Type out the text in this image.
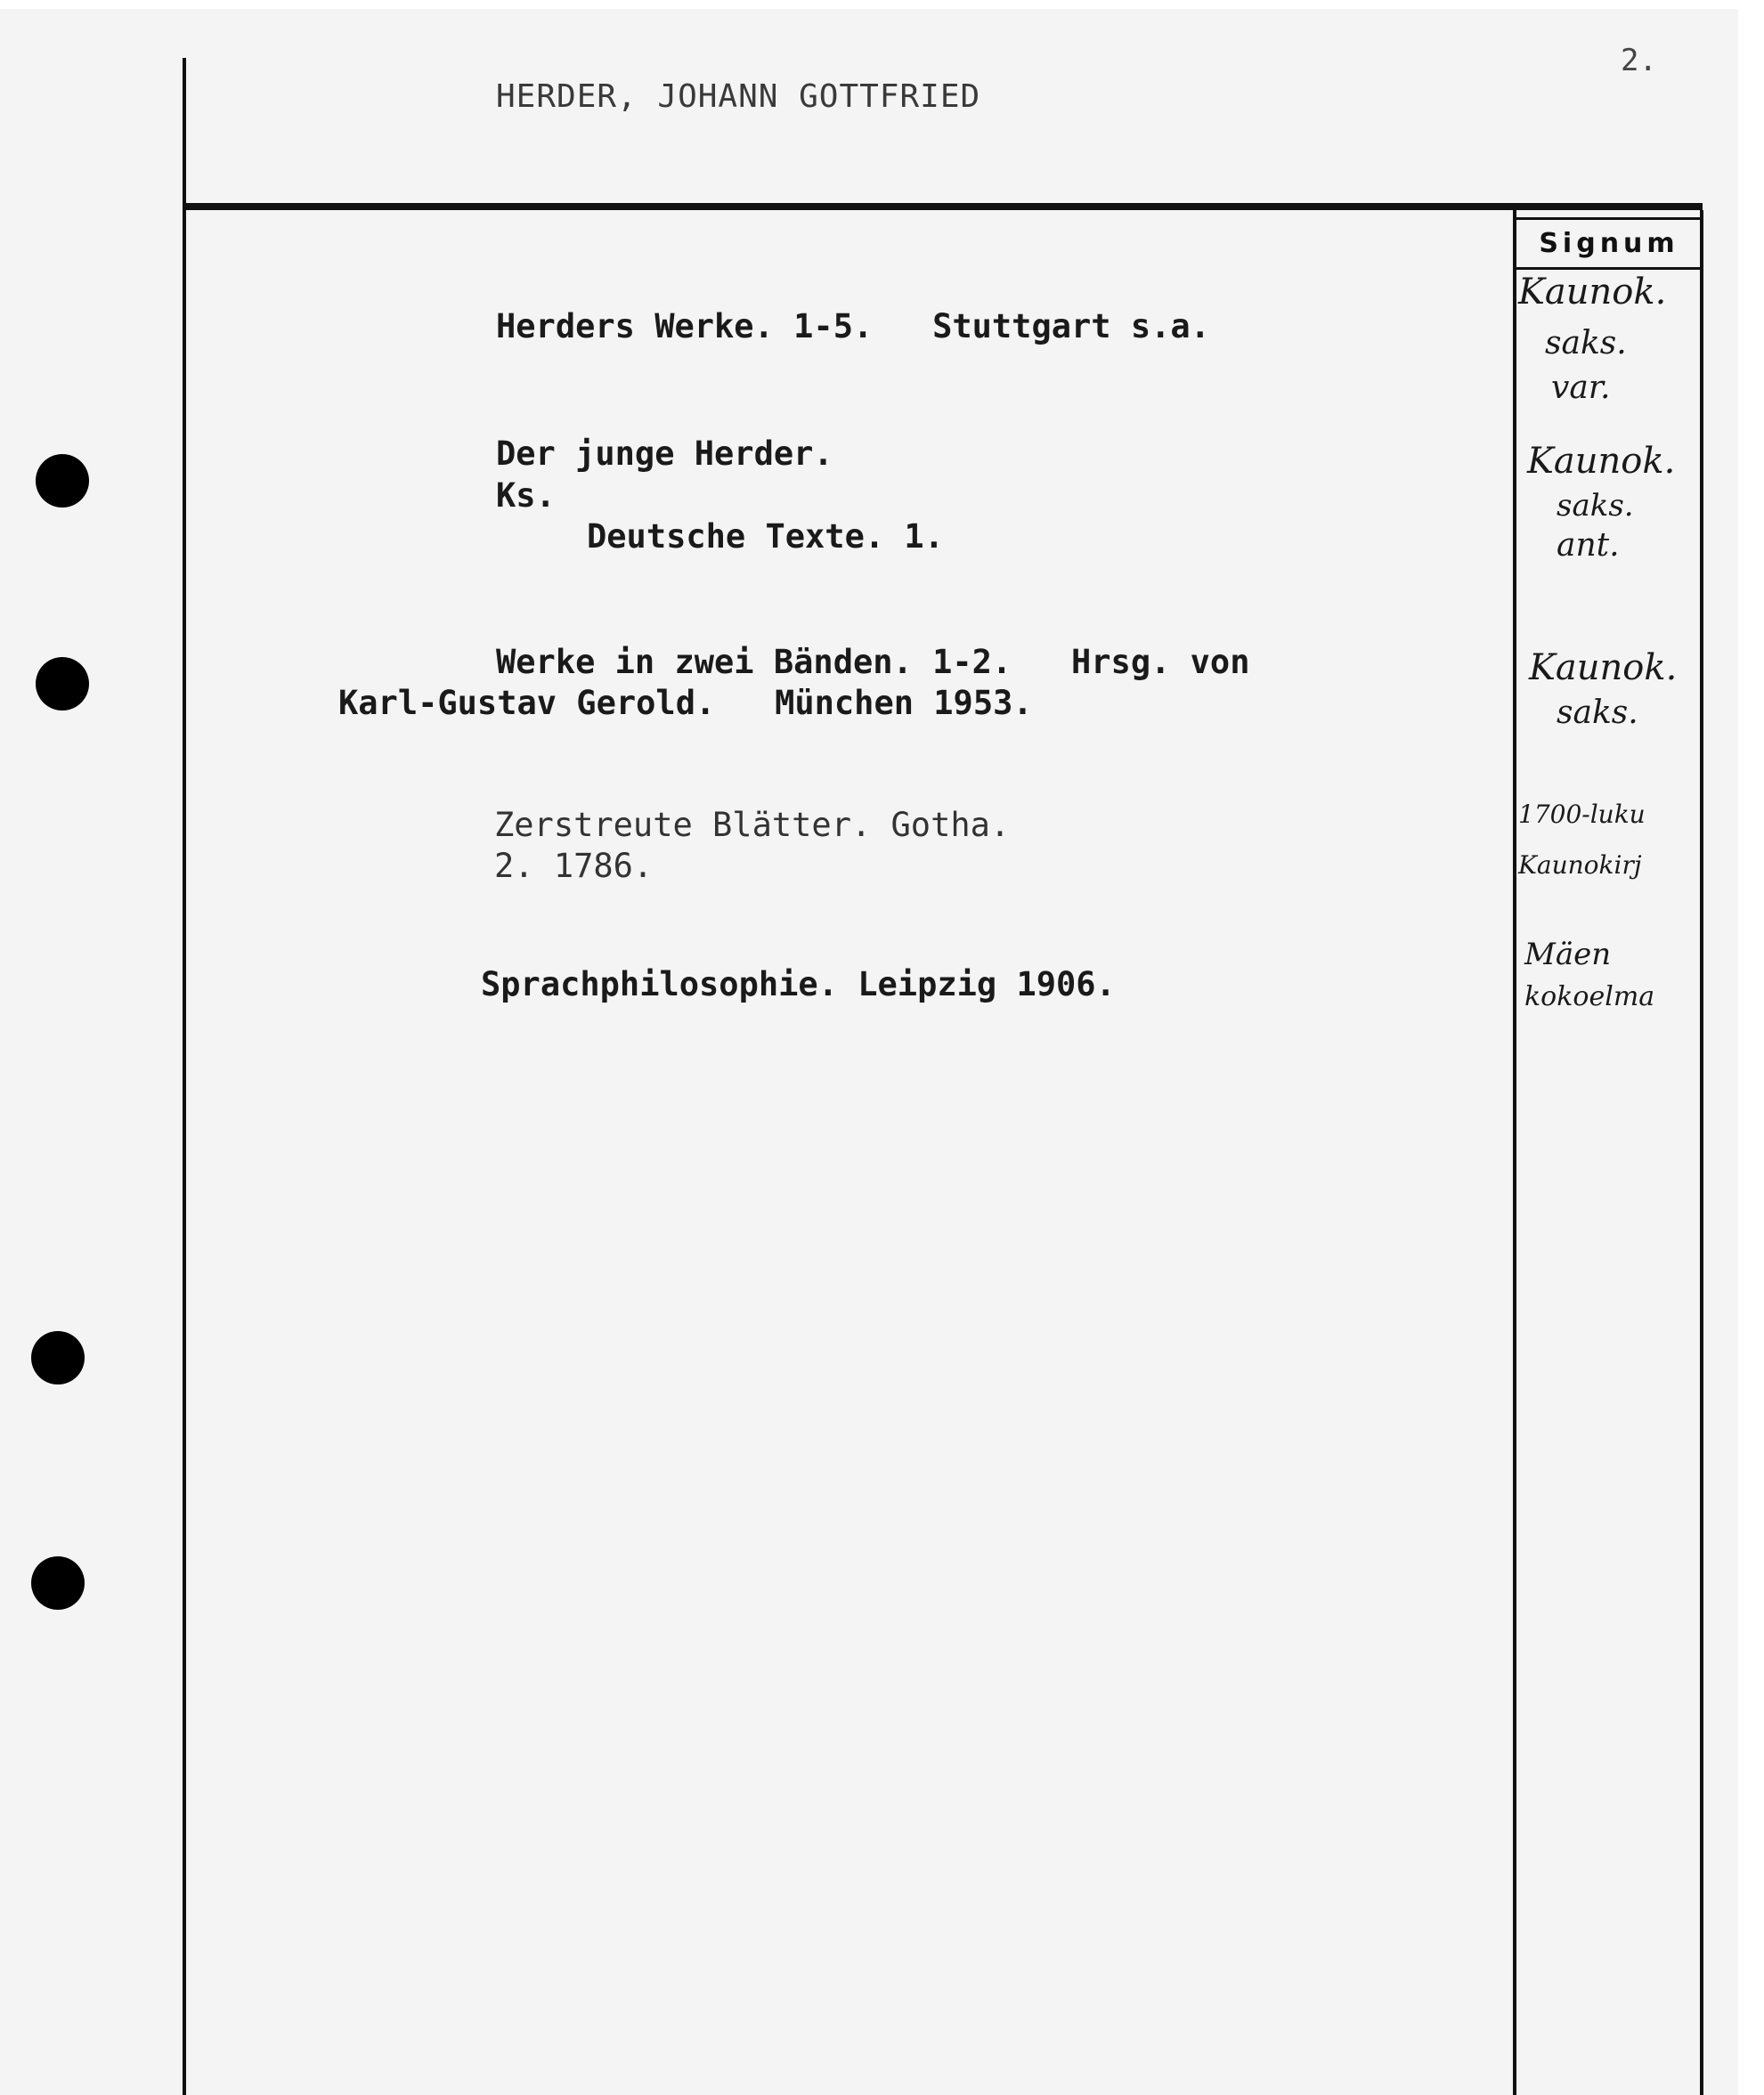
2.
HERDER, JOHANN GOTTFRIED
Signum
Herders Werke. 1-5.   Stuttgart s.a.
Der junge Herder.
Ks.
Deutsche Texte. 1.
Werke in zwei Bänden. 1-2.   Hrsg. von
Karl-Gustav Gerold.   München 1953.
Zerstreute Blätter. Gotha.
2. 1786.
Sprachphilosophie. Leipzig 1906.
Kaunok.
saks.
var.
Kaunok.
saks.
ant.
Kaunok.
saks.
1700-luku
Kaunokirj
Mäen
kokoelma
